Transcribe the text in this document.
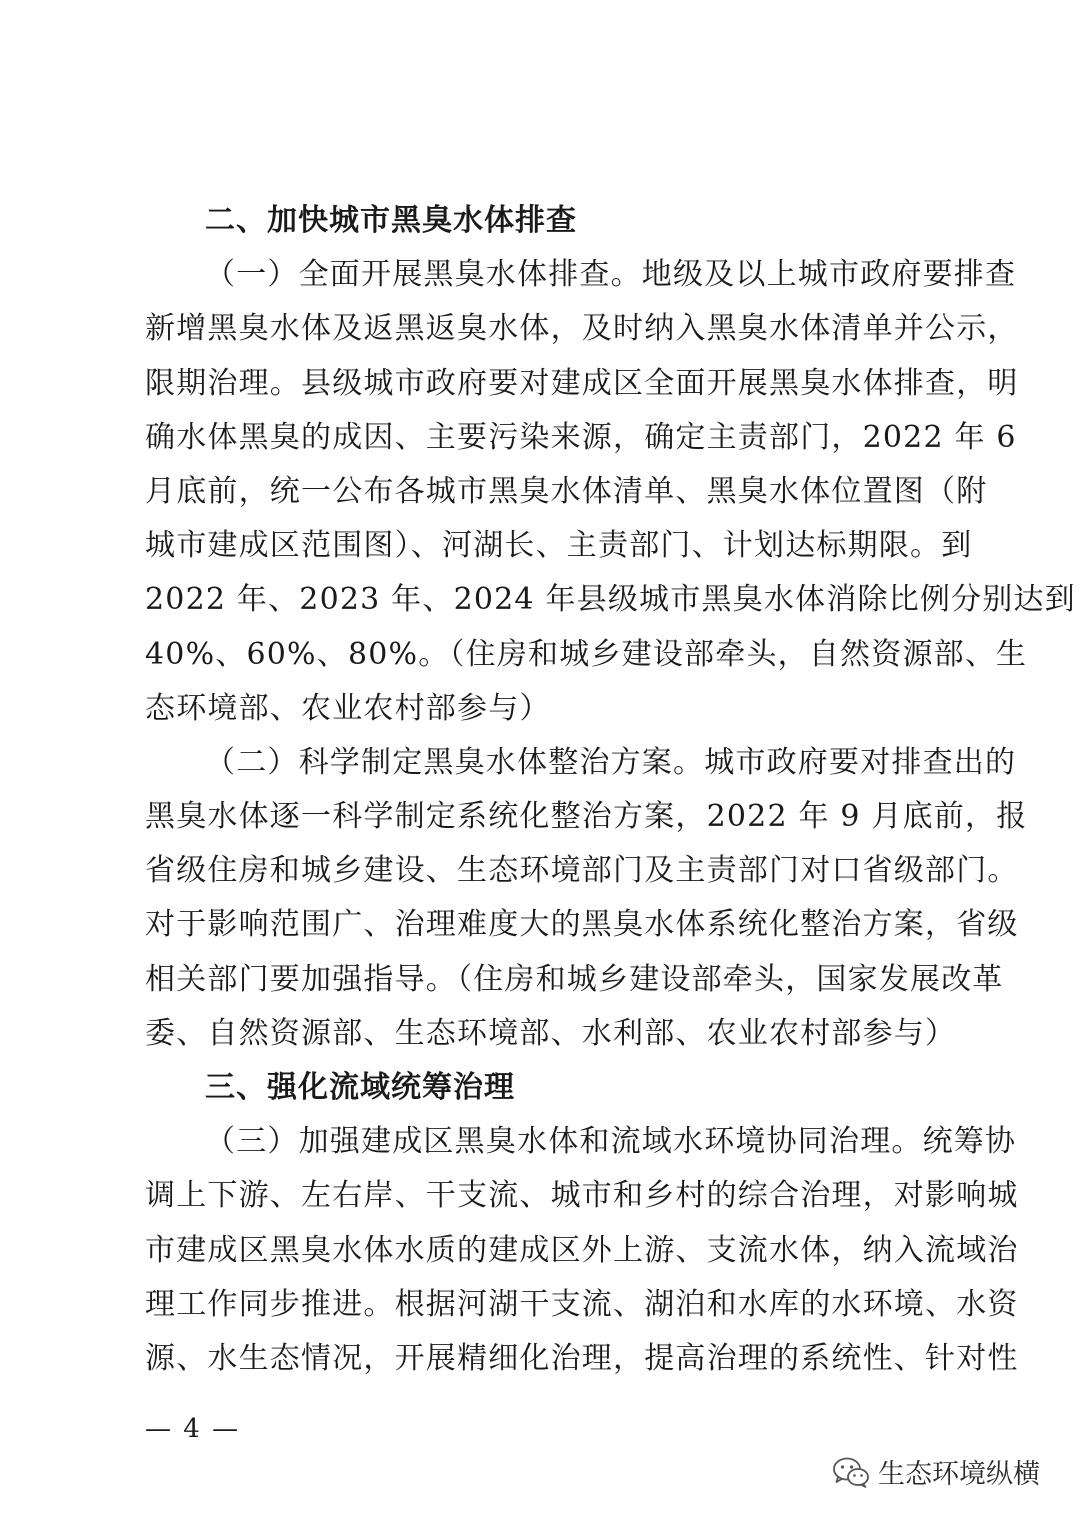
二、加快城市黑臭水体排查
（一）全面开展黑臭水体排查。地级及以上城市政府要排查
新增黑臭水体及返黑返臭水体，及时纳入黑臭水体清单并公示，
限期治理。县级城市政府要对建成区全面开展黑臭水体排查，明
确水体黑臭的成因、主要污染来源，确定主责部门，2022 年 6
月底前，统一公布各城市黑臭水体清单、黑臭水体位置图（附
城市建成区范围图）、河湖长、主责部门、计划达标期限。到
2022 年、2023 年、2024 年县级城市黑臭水体消除比例分别达到
40%、60%、80%。（住房和城乡建设部牵头，自然资源部、生
态环境部、农业农村部参与）
（二）科学制定黑臭水体整治方案。城市政府要对排查出的
黑臭水体逐一科学制定系统化整治方案，2022 年 9 月底前，报
省级住房和城乡建设、生态环境部门及主责部门对口省级部门。
对于影响范围广、治理难度大的黑臭水体系统化整治方案，省级
相关部门要加强指导。（住房和城乡建设部牵头，国家发展改革
委、自然资源部、生态环境部、水利部、农业农村部参与）
三、强化流域统筹治理
（三）加强建成区黑臭水体和流域水环境协同治理。统筹协
调上下游、左右岸、干支流、城市和乡村的综合治理，对影响城
市建成区黑臭水体水质的建成区外上游、支流水体，纳入流域治
理工作同步推进。根据河湖干支流、湖泊和水库的水环境、水资
源、水生态情况，开展精细化治理，提高治理的系统性、针对性
— 4 —
生态环境纵横
